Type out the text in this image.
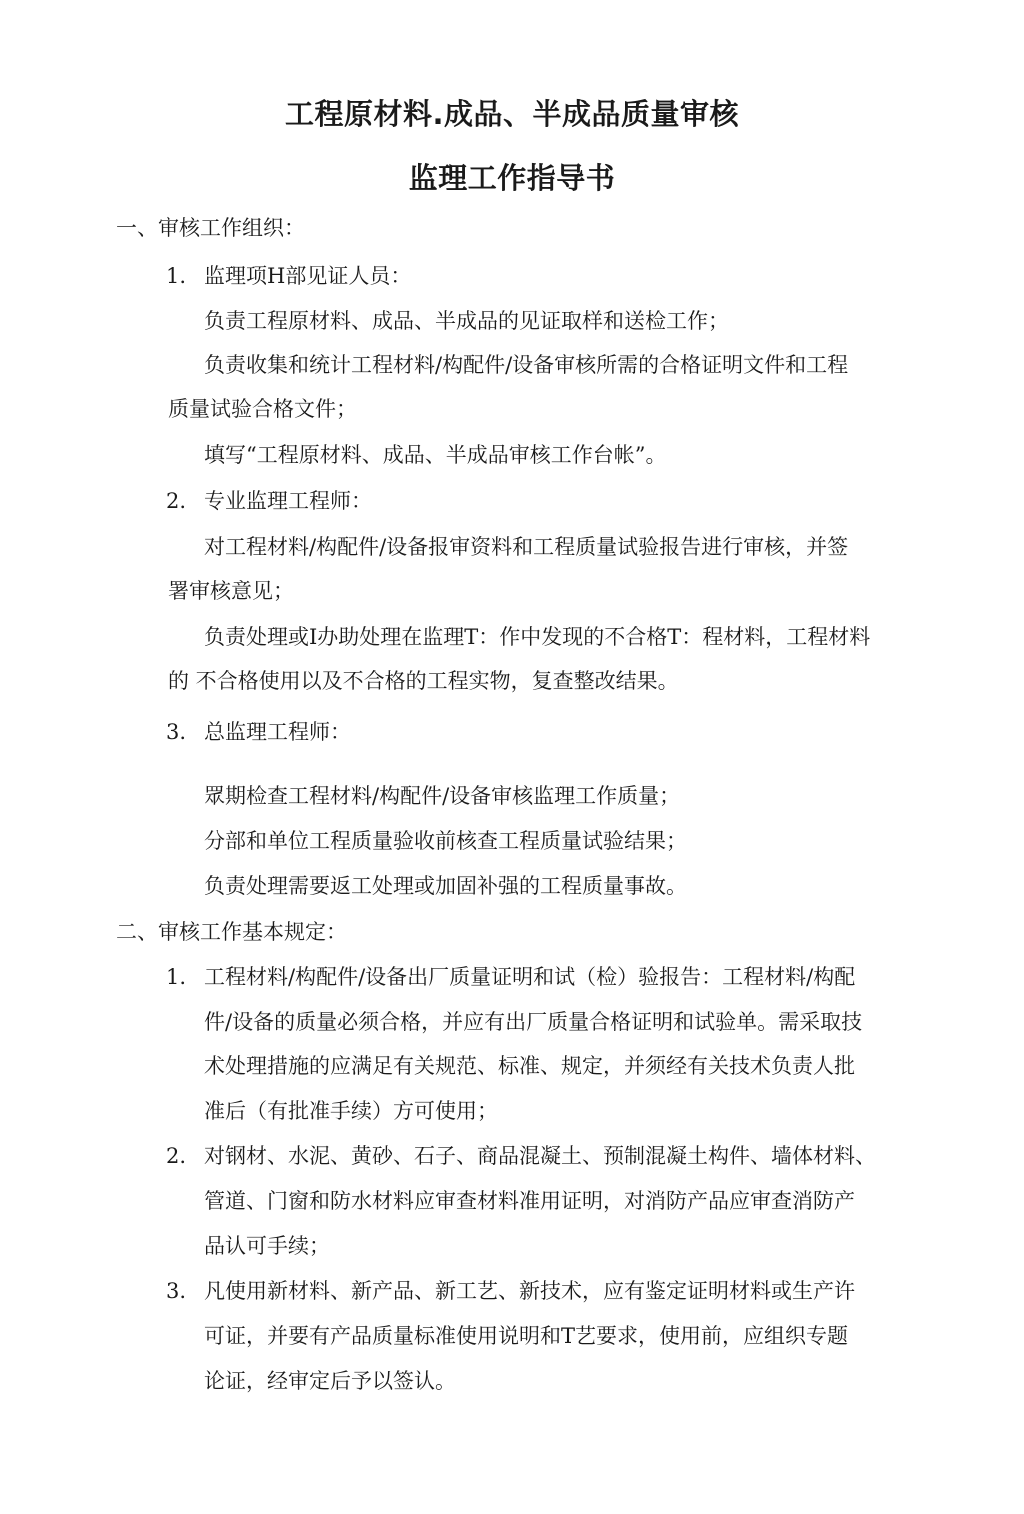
工程原材料.成品、半成品质量审核
监理工作指导书

一、审核工作组织：

1. 监理项H部见证人员：

负责工程原材料、成品、半成品的见证取样和送检工作；

负责收集和统计工程材料/构配件/设备审核所需的合格证明文件和工程

质量试验合格文件；

填写“工程原材料、成品、半成品审核工作台帐”。

2. 专业监理工程师：

对工程材料/构配件/设备报审资料和工程质量试验报告进行审核，并签

署审核意见；

负责处理或I办助处理在监理T：作中发现的不合格T：程材料，工程材料

的 不合格使用以及不合格的工程实物，复查整改结果。

3. 总监理工程师：

眾期检查工程材料/构配件/设备审核监理工作质量；

分部和单位工程质量验收前核查工程质量试验结果；

负责处理需要返工处理或加固补强的工程质量事故。

二、审核工作基本规定：

1. 工程材料/构配件/设备出厂质量证明和试（检）验报告：工程材料/构配

件/设备的质量必须合格，并应有出厂质量合格证明和试验单。需采取技

术处理措施的应满足有关规范、标准、规定，并须经有关技术负责人批

准后（有批准手续）方可使用；

2. 对钢材、水泥、黄砂、石子、商品混凝土、预制混凝土构件、墙体材料、

管道、门窗和防水材料应审查材料准用证明，对消防产品应审查消防产

品认可手续；

3. 凡使用新材料、新产品、新工艺、新技术，应有鉴定证明材料或生产许

可证，并要有产品质量标准使用说明和T艺要求，使用前，应组织专题

论证，经审定后予以签认。
